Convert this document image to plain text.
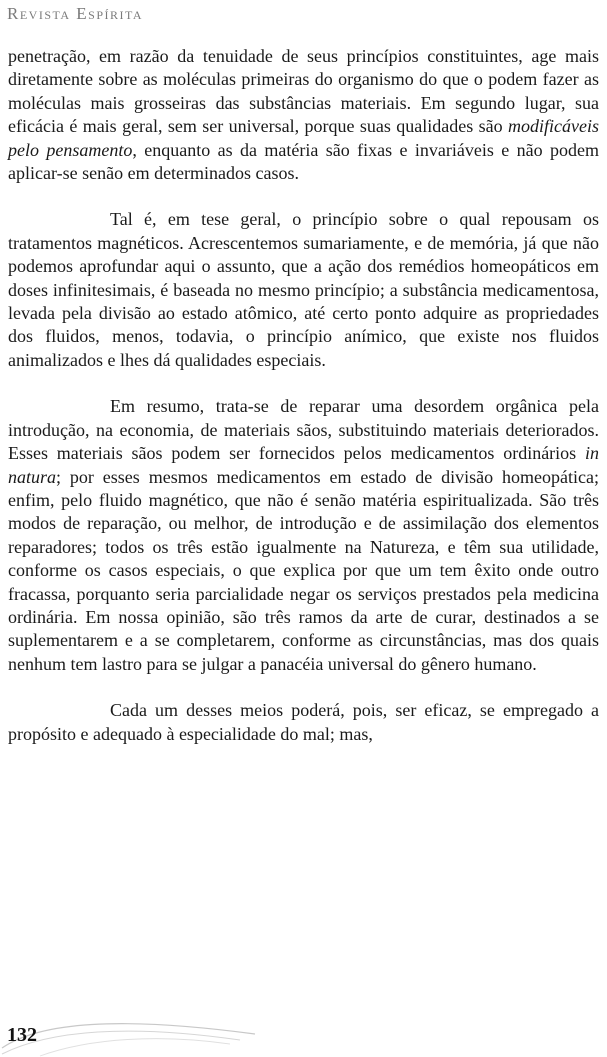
Revista Espírita

penetração, em razão da tenuidade de seus princípios constituintes, age mais diretamente sobre as moléculas primeiras do organismo do que o podem fazer as moléculas mais grosseiras das substâncias materiais. Em segundo lugar, sua eficácia é mais geral, sem ser universal, porque suas qualidades são modificáveis pelo pensamento, enquanto as da matéria são fixas e invariáveis e não podem aplicar-se senão em determinados casos.

Tal é, em tese geral, o princípio sobre o qual repousam os tratamentos magnéticos. Acrescentemos sumariamente, e de memória, já que não podemos aprofundar aqui o assunto, que a ação dos remédios homeopáticos em doses infinitesimais, é baseada no mesmo princípio; a substância medicamentosa, levada pela divisão ao estado atômico, até certo ponto adquire as propriedades dos fluidos, menos, todavia, o princípio anímico, que existe nos fluidos animalizados e lhes dá qualidades especiais.

Em resumo, trata-se de reparar uma desordem orgânica pela introdução, na economia, de materiais sãos, substituindo materiais deteriorados. Esses materiais sãos podem ser fornecidos pelos medicamentos ordinários in natura; por esses mesmos medicamentos em estado de divisão homeopática; enfim, pelo fluido magnético, que não é senão matéria espiritualizada. São três modos de reparação, ou melhor, de introdução e de assimilação dos elementos reparadores; todos os três estão igualmente na Natureza, e têm sua utilidade, conforme os casos especiais, o que explica por que um tem êxito onde outro fracassa, porquanto seria parcialidade negar os serviços prestados pela medicina ordinária. Em nossa opinião, são três ramos da arte de curar, destinados a se suplementarem e a se completarem, conforme as circunstâncias, mas dos quais nenhum tem lastro para se julgar a panacéia universal do gênero humano.

Cada um desses meios poderá, pois, ser eficaz, se empregado a propósito e adequado à especialidade do mal; mas,

132
